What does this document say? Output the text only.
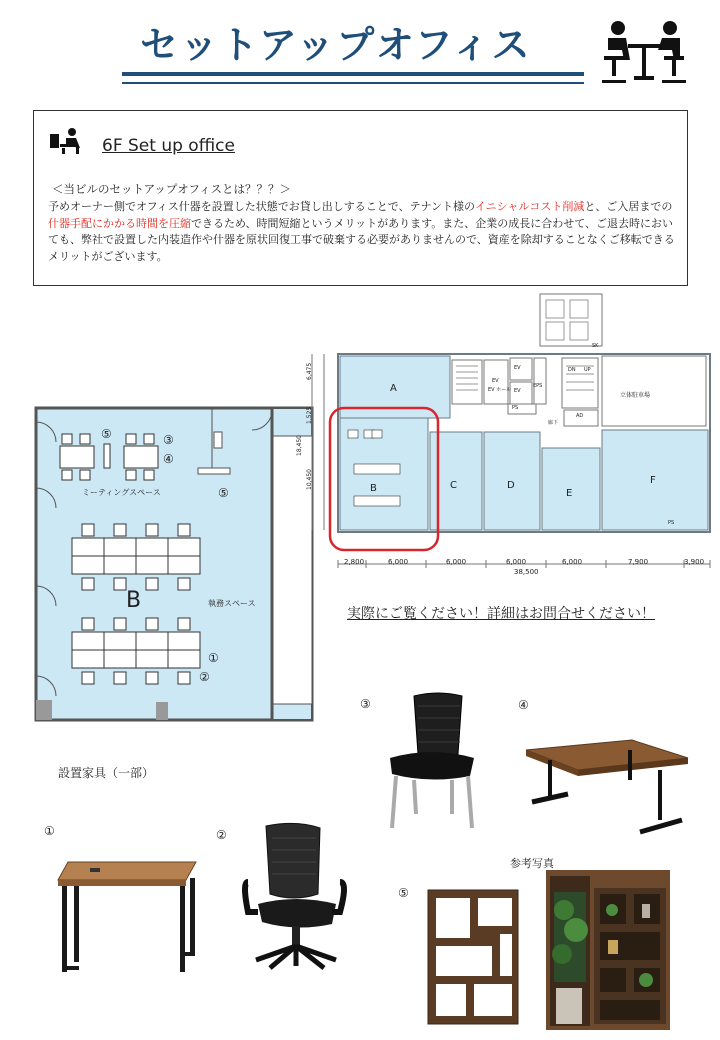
セットアップオフィス
6F Set up office
＜当ビルのセットアップオフィスとは？？？＞
予めオーナー側でオフィス什器を設置した状態でお貸し出しすることで、テナント様のイニシャルコスト削減と、ご入居までの什器手配にかかる時間を圧縮できるため、時間短縮というメリットがあります。また、企業の成長に合わせて、ご退去時においても、弊社で設置した内装造作や什器を原状回復工事で破棄する必要がありませんので、資産を除却することなくご移転できるメリットがございます。
B
ミーティングスペース
執務スペース
⑤	③
④
⑤
①
②
A
B	C	D
E
F
EV
EV
EV
EPS
PS
DN UP
SK
AD
廊下
立体駐車場
EV ホール
PS
2,800	6,000	6,000	6,000	6,000	7,900	3,900
38,500
6,475
1,525
10,450
18,450
実際にご覧ください！詳細はお問合せください！
設置家具（一部）
①	②
③	④
⑤
参考写真
